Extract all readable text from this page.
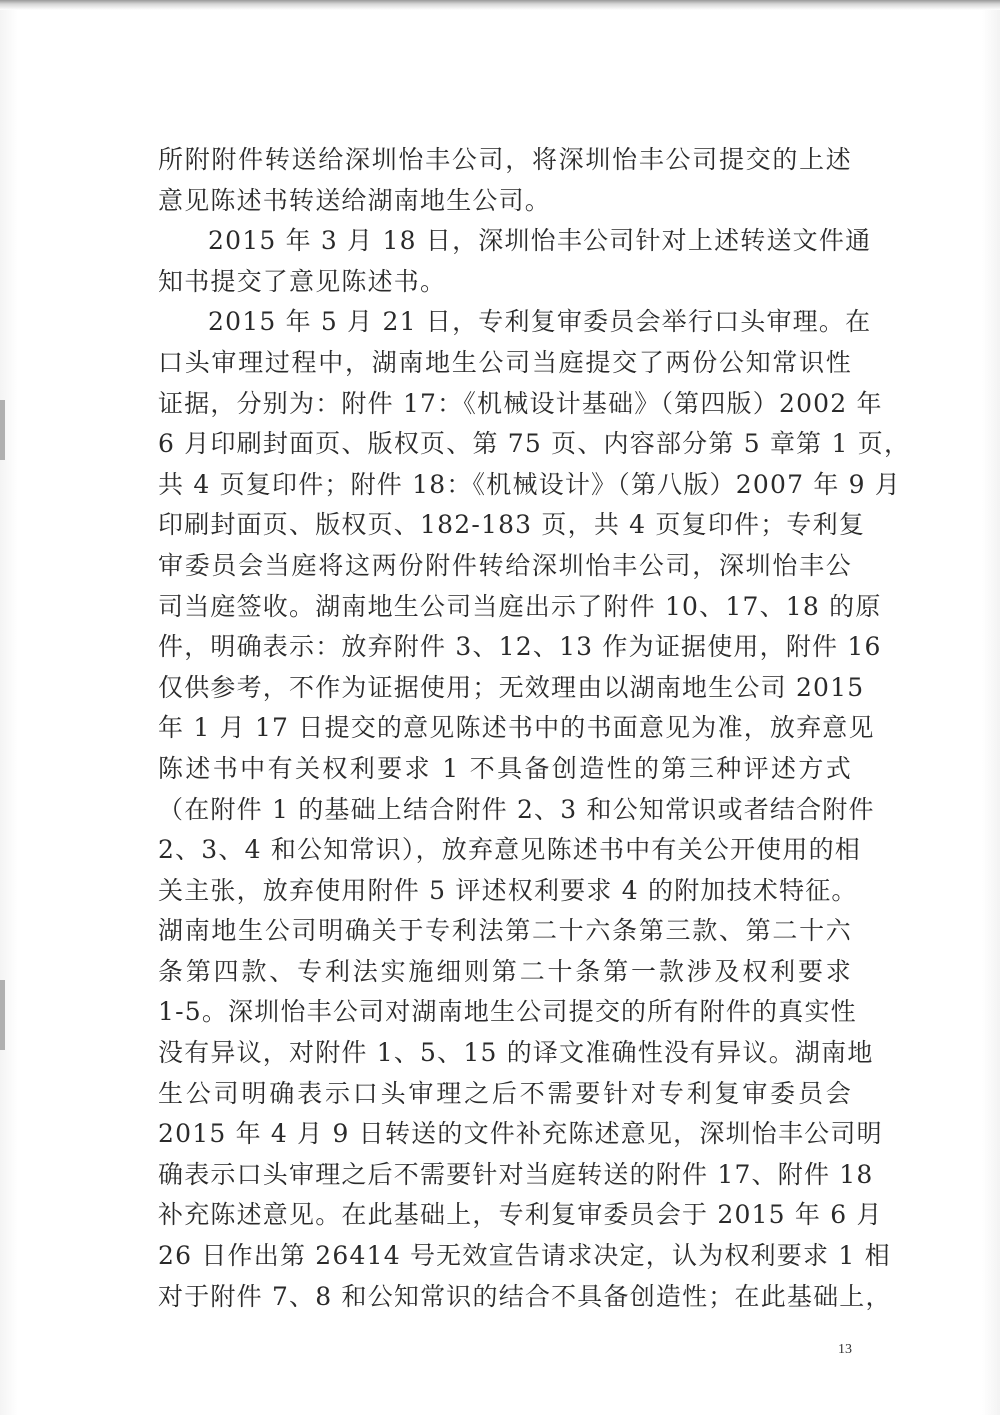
所附附件转送给深圳怡丰公司，将深圳怡丰公司提交的上述
意见陈述书转送给湖南地生公司。
2015 年 3 月 18 日，深圳怡丰公司针对上述转送文件通
知书提交了意见陈述书。
2015 年 5 月 21 日，专利复审委员会举行口头审理。在
口头审理过程中，湖南地生公司当庭提交了两份公知常识性
证据，分别为：附件 17：《机械设计基础》（第四版）2002 年
6 月印刷封面页、版权页、第 75 页、内容部分第 5 章第 1 页，
共 4 页复印件；附件 18：《机械设计》（第八版）2007 年 9 月
印刷封面页、版权页、182-183 页，共 4 页复印件；专利复
审委员会当庭将这两份附件转给深圳怡丰公司，深圳怡丰公
司当庭签收。湖南地生公司当庭出示了附件 10、17、18 的原
件，明确表示：放弃附件 3、12、13 作为证据使用，附件 16
仅供参考，不作为证据使用；无效理由以湖南地生公司 2015
年 1 月 17 日提交的意见陈述书中的书面意见为准，放弃意见
陈述书中有关权利要求 1 不具备创造性的第三种评述方式
（在附件 1 的基础上结合附件 2、3 和公知常识或者结合附件
2、3、4 和公知常识），放弃意见陈述书中有关公开使用的相
关主张，放弃使用附件 5 评述权利要求 4 的附加技术特征。
湖南地生公司明确关于专利法第二十六条第三款、第二十六
条第四款、专利法实施细则第二十条第一款涉及权利要求
1-5。深圳怡丰公司对湖南地生公司提交的所有附件的真实性
没有异议，对附件 1、5、15 的译文准确性没有异议。湖南地
生公司明确表示口头审理之后不需要针对专利复审委员会
2015 年 4 月 9 日转送的文件补充陈述意见，深圳怡丰公司明
确表示口头审理之后不需要针对当庭转送的附件 17、附件 18
补充陈述意见。在此基础上，专利复审委员会于 2015 年 6 月
26 日作出第 26414 号无效宣告请求决定，认为权利要求 1 相
对于附件 7、8 和公知常识的结合不具备创造性；在此基础上，
13
